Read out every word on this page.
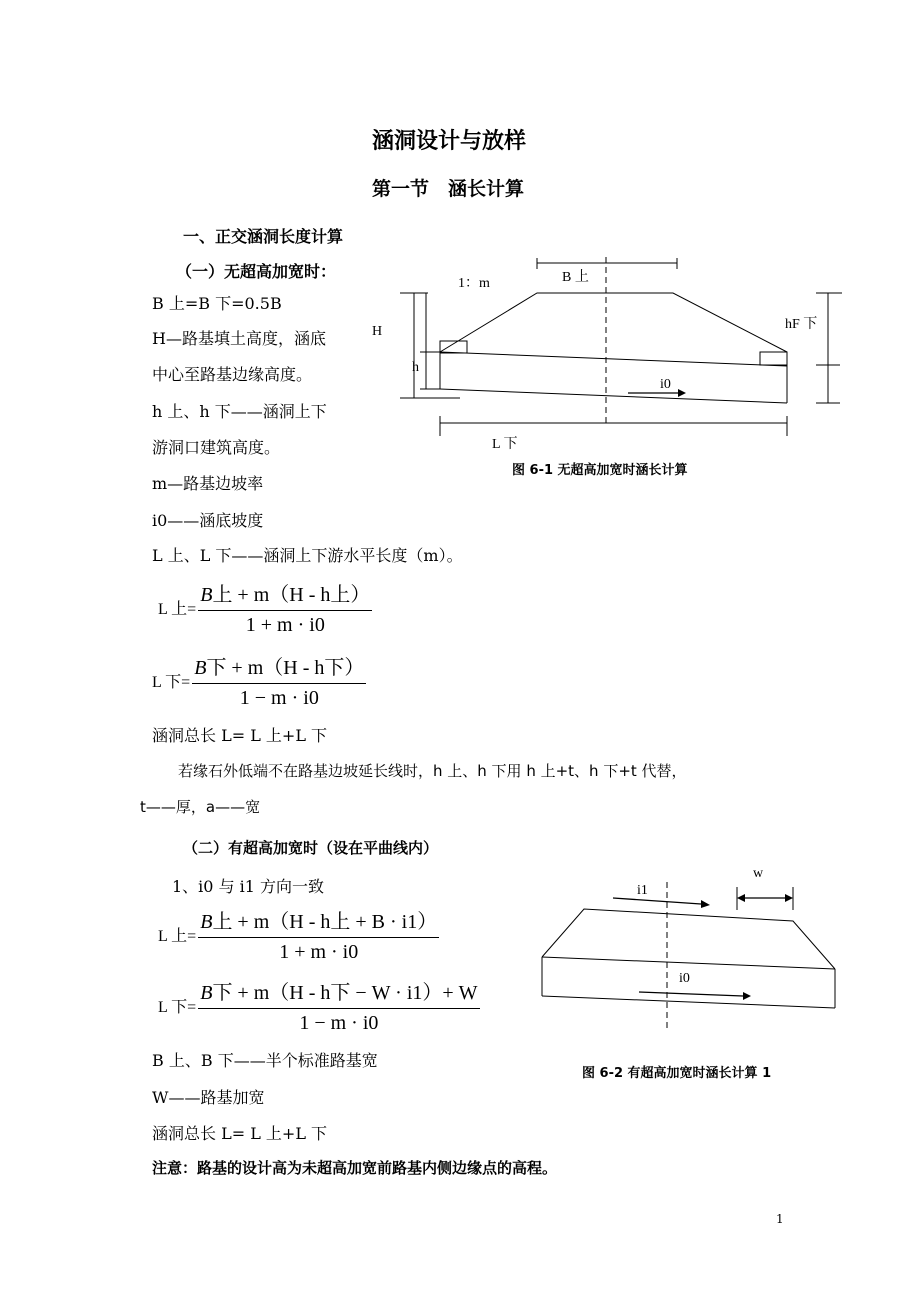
涵洞设计与放样
第一节　涵长计算
一、正交涵洞长度计算
（一）无超高加宽时：
B 上=B 下=0.5B
H—路基填土高度，涵底
中心至路基边缘高度。
h 上、h 下——涵洞上下
游洞口建筑高度。
m—路基边坡率
i0——涵底坡度
L 上、L 下——涵洞上下游水平长度（m）。
L 上= $\frac{\text{B上 + m（H - h上）}}{1 + m \cdot i0}$
L 下= $\frac{\text{B下 + m（H - h下）}}{1 - m \cdot i0}$
涵洞总长 L= L 上+L 下
若缘石外低端不在路基边坡延长线时，h 上、h 下用 h 上+t、h 下+t 代替，
t——厚，a——宽
B 上
1：m
H
h
hF 下
i0
L 下
图 6-1 无超高加宽时涵长计算
（二）有超高加宽时（设在平曲线内）
1、i0 与 i1 方向一致
L 上= $\frac{\text{B上 + m（H - h上 + B · i1）}}{1 + m \cdot i0}$
L 下= $\frac{\text{B下 + m（H - h下 − W · i1）+ W}}{1 - m \cdot i0}$
B 上、B 下——半个标准路基宽
W——路基加宽
涵洞总长 L= L 上+L 下
注意：路基的设计高为未超高加宽前路基内侧边缘点的高程。
i1
w
i0
图 6-2 有超高加宽时涵长计算 1
1
